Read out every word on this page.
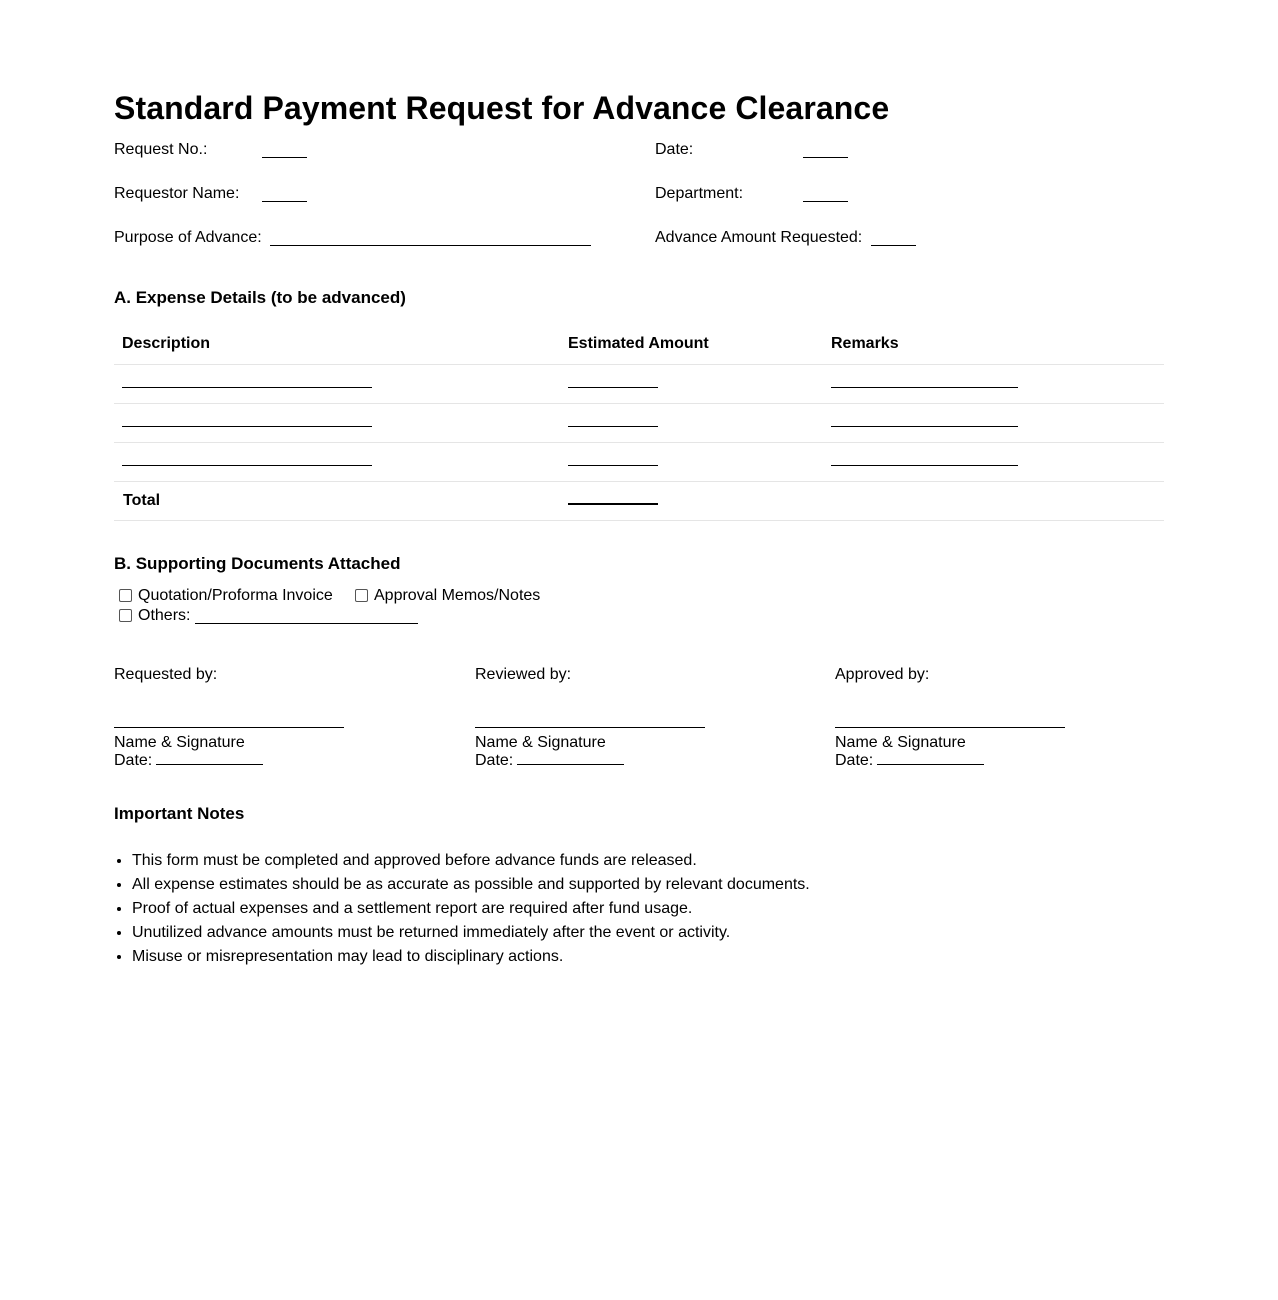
Standard Payment Request for Advance Clearance
Request No.:	Date:
Requestor Name:	Department:
Purpose of Advance:	Advance Amount Requested:
A. Expense Details (to be advanced)
Description	Estimated Amount	Remarks

Total		
B. Supporting Documents Attached
Quotation/Proforma Invoice	Approval Memos/Notes
Others:
Requested by:
Name & Signature
Date:
Reviewed by:
Name & Signature
Date:
Approved by:
Name & Signature
Date:
Important Notes
• This form must be completed and approved before advance funds are released.
• All expense estimates should be as accurate as possible and supported by relevant documents.
• Proof of actual expenses and a settlement report are required after fund usage.
• Unutilized advance amounts must be returned immediately after the event or activity.
• Misuse or misrepresentation may lead to disciplinary actions.
